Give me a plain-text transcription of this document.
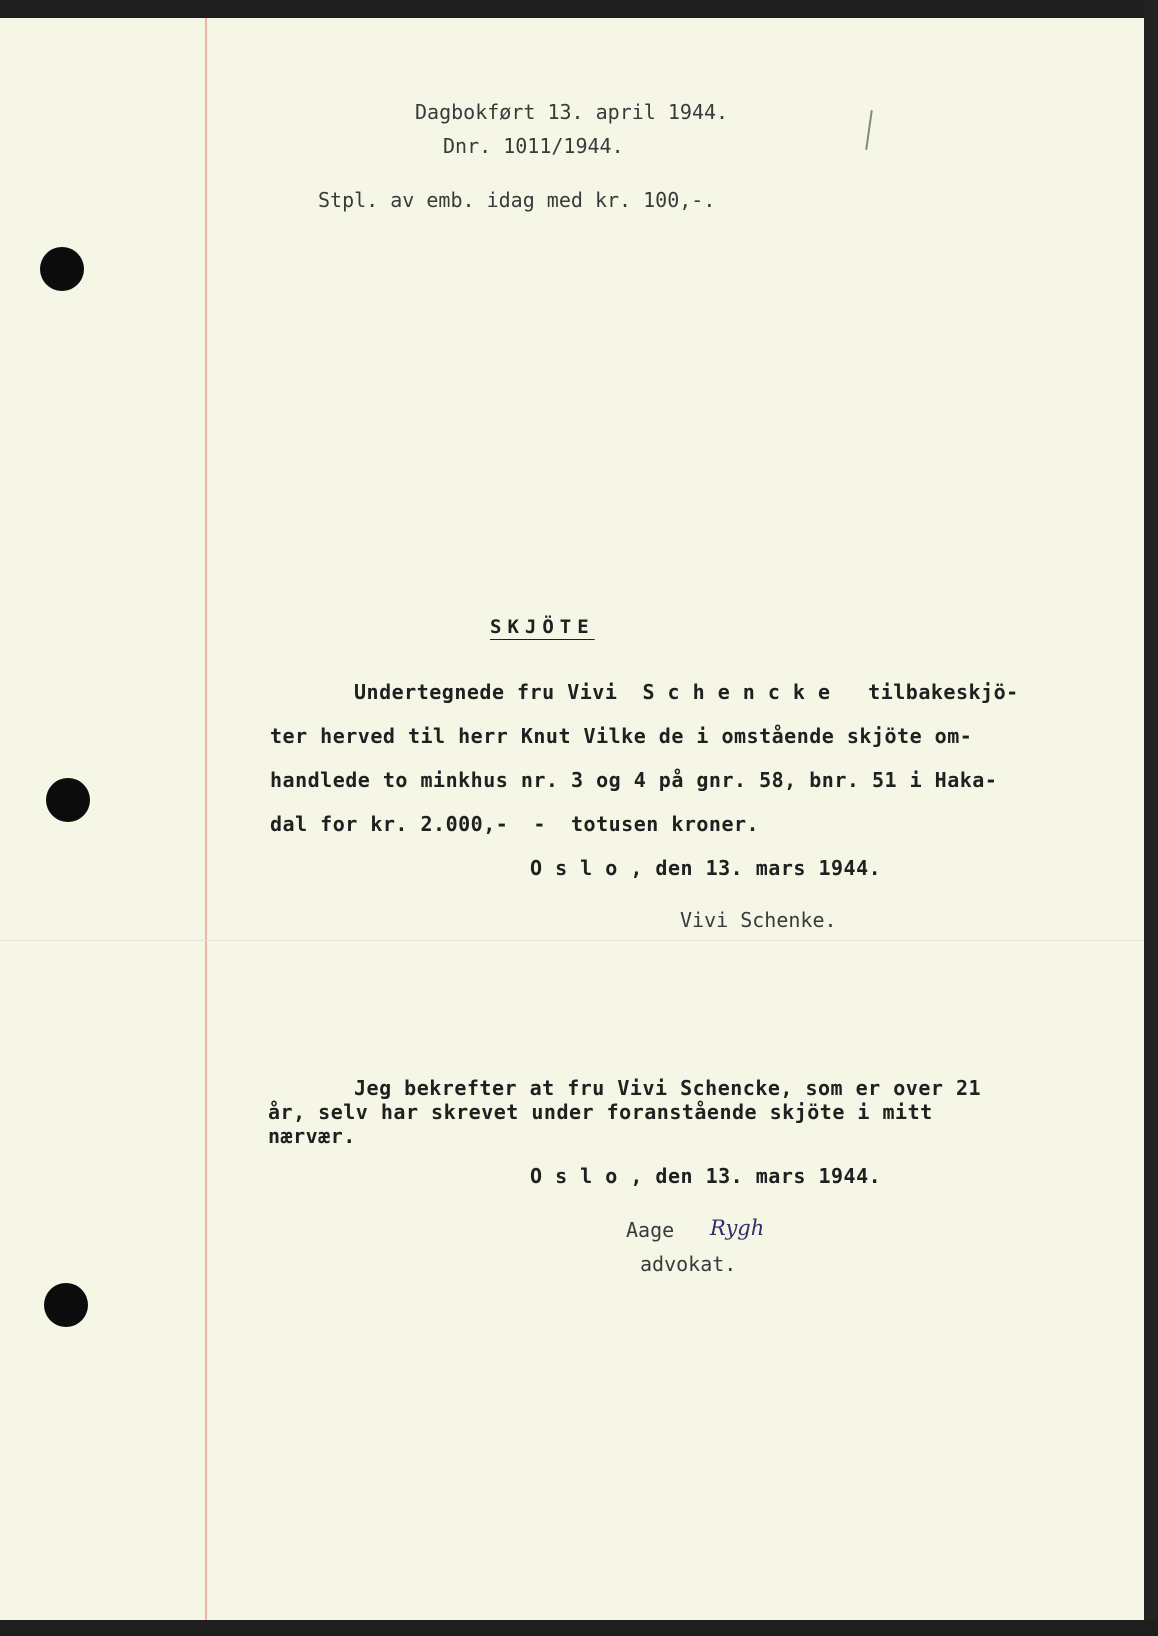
Dagbokført 13. april 1944.
Dnr. 1011/1944.
Stpl. av emb. idag med kr. 100,-.
SKJÖTE
Undertegnede fru Vivi  S c h e n c k e   tilbakeskjö-
ter herved til herr Knut Vilke de i omstående skjöte om-
handlede to minkhus nr. 3 og 4 på gnr. 58, bnr. 51 i Haka-
dal for kr. 2.000,-  -  totusen kroner.
O s l o , den 13. mars 1944.
Vivi Schenke.
Jeg bekrefter at fru Vivi Schencke, som er over 21
år, selv har skrevet under foranstående skjöte i mitt
nærvær.
O s l o , den 13. mars 1944.
Aage Rygh
advokat.
